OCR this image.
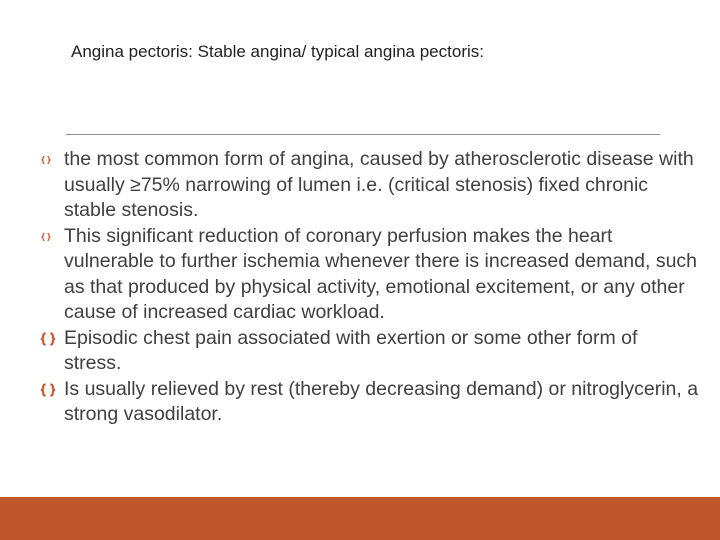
Angina pectoris: Stable angina/ typical angina pectoris:
the most common form of angina, caused by atherosclerotic disease with usually ≥75% narrowing of lumen i.e. (critical stenosis) fixed chronic stable stenosis.
This significant reduction of coronary perfusion makes the heart vulnerable to further ischemia whenever there is increased demand, such as that produced by physical activity, emotional excitement, or any other cause of increased cardiac workload.
Episodic chest pain associated with exertion or some other form of stress.
Is usually relieved by rest (thereby decreasing demand) or nitroglycerin, a strong vasodilator.
